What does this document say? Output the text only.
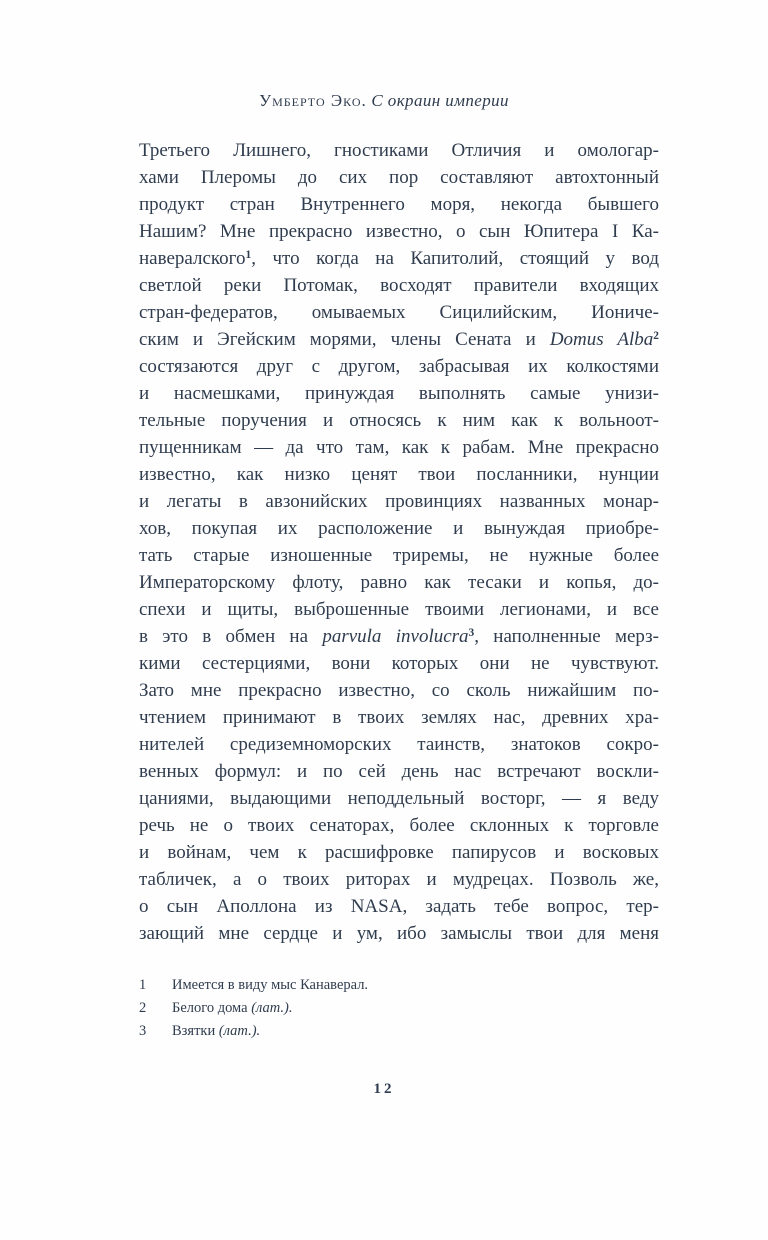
Умберто Эко. С окраин империи
Третьего Лишнего, гностиками Отличия и омологар-
хами Плеромы до сих пор составляют автохтонный
продукт стран Внутреннего моря, некогда бывшего
Нашим? Мне прекрасно известно, о сын Юпитера I Ка-
навералского$^1$, что когда на Капитолий, стоящий у вод
светлой реки Потомак, восходят правители входящих
стран-федератов, омываемых Сицилийским, Иониче-
ским и Эгейским морями, члены Сената и Domus Alba$^2$
состязаются друг с другом, забрасывая их колкостями
и насмешками, принуждая выполнять самые унизи-
тельные поручения и относясь к ним как к вольноот-
пущенникам — да что там, как к рабам. Мне прекрасно
известно, как низко ценят твои посланники, нунции
и легаты в авзонийских провинциях названных монар-
хов, покупая их расположение и вынуждая приобре-
тать старые изношенные триремы, не нужные более
Императорскому флоту, равно как тесаки и копья, до-
спехи и щиты, выброшенные твоими легионами, и все
в это в обмен на parvula involucra$^3$, наполненные мерз-
кими сестерциями, вони которых они не чувствуют.
Зато мне прекрасно известно, со сколь нижайшим по-
чтением принимают в твоих землях нас, древних хра-
нителей средиземноморских таинств, знатоков сокро-
венных формул: и по сей день нас встречают воскли-
цаниями, выдающими неподдельный восторг, — я веду
речь не о твоих сенаторах, более склонных к торговле
и войнам, чем к расшифровке папирусов и восковых
табличек, а о твоих риторах и мудрецах. Позволь же,
о сын Аполлона из NASA, задать тебе вопрос, тер-
зающий мне сердце и ум, ибо замыслы твои для меня
1	Имеется в виду мыс Канаверал.
2	Белого дома (лат.).
3	Взятки (лат.).
12
